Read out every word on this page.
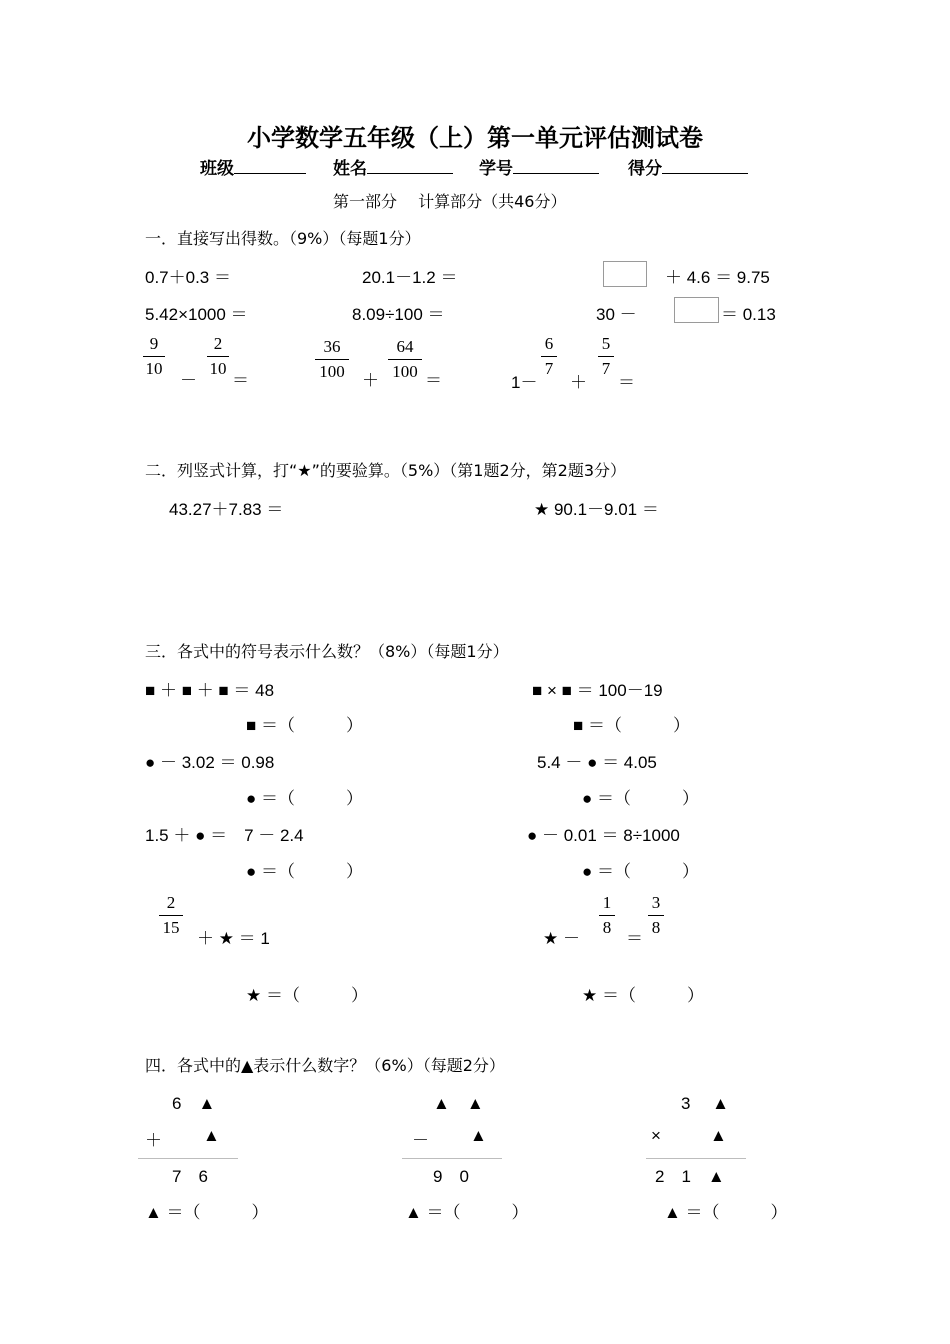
小学数学五年级（上）第一单元评估测试卷
班级	姓名	学号	得分
第一部分　 计算部分（共46分）
一．直接写出得数。（9%）（每题1分）
0.7＋0.3 ＝	20.1－1.2 ＝	＋ 4.6 ＝ 9.75
5.42×1000 ＝	8.09÷100 ＝	30 －	＝ 0.13
9
10
－
2
10
＝
36
100 ＋
64
100 ＝	1－
6
7
＋
5
7
＝
二．列竖式计算，打“★”的要验算。（5%）（第1题2分，第2题3分）
43.27＋7.83 ＝	★ 90.1－9.01 ＝
三．各式中的符号表示什么数？（8%）（每题1分）
■ ＋ ■ ＋ ■ ＝ 48	■ × ■ ＝ 100－19
■ ＝（　　　）	■ ＝（　　　）
● － 3.02 ＝ 0.98	5.4 － ● ＝ 4.05
● ＝（　　　）	● ＝（　　　）
1.5 ＋ ● ＝　7 － 2.4	● － 0.01 ＝ 8÷1000
● ＝（　　　）	● ＝（　　　）
2
15
＋ ★ ＝ 1	★ －
1
8
＝
3
8
★ ＝（　　　）	★ ＝（　　　）
四．各式中的▲表示什么数字？（6%）（每题2分）
6　▲
＋ ▲
7　6
▲ ＝（　　　）
▲　▲
－ ▲
9　0
▲ ＝（　　　）
3　 ▲
×	▲
2　1　▲
▲ ＝（　　　）
